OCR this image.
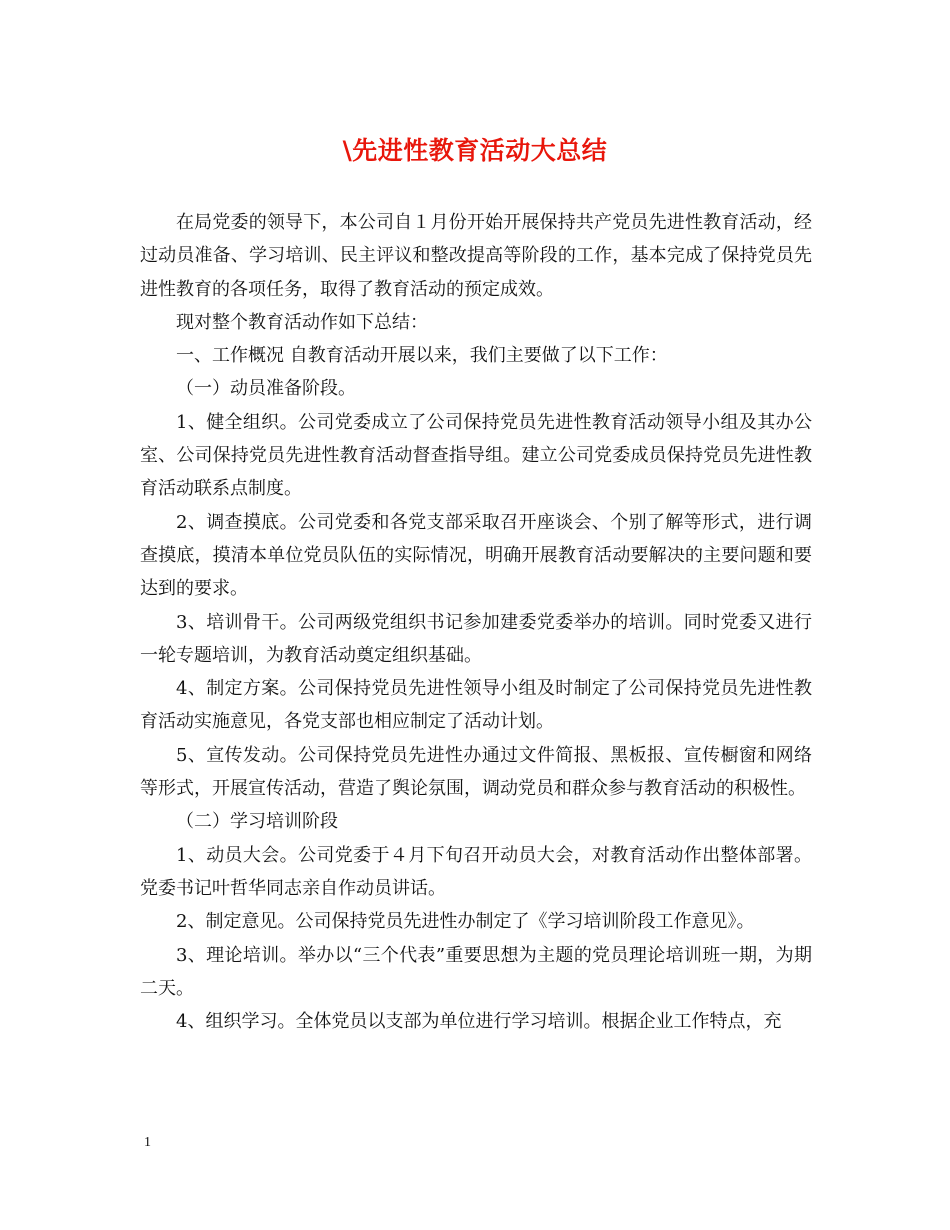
\先进性教育活动大总结

在局党委的领导下，本公司自１月份开始开展保持共产党员先进性教育活动，经过动员准备、学习培训、民主评议和整改提高等阶段的工作，基本完成了保持党员先进性教育的各项任务，取得了教育活动的预定成效。

现对整个教育活动作如下总结：

一、工作概况 自教育活动开展以来，我们主要做了以下工作：

（一）动员准备阶段。

1、健全组织。公司党委成立了公司保持党员先进性教育活动领导小组及其办公室、公司保持党员先进性教育活动督查指导组。建立公司党委成员保持党员先进性教育活动联系点制度。

2、调查摸底。公司党委和各党支部采取召开座谈会、个别了解等形式，进行调查摸底，摸清本单位党员队伍的实际情况，明确开展教育活动要解决的主要问题和要达到的要求。

3、培训骨干。公司两级党组织书记参加建委党委举办的培训。同时党委又进行一轮专题培训，为教育活动奠定组织基础。

4、制定方案。公司保持党员先进性领导小组及时制定了公司保持党员先进性教育活动实施意见，各党支部也相应制定了活动计划。

5、宣传发动。公司保持党员先进性办通过文件简报、黑板报、宣传橱窗和网络等形式，开展宣传活动，营造了舆论氛围，调动党员和群众参与教育活动的积极性。

（二）学习培训阶段

1、动员大会。公司党委于４月下旬召开动员大会，对教育活动作出整体部署。党委书记叶哲华同志亲自作动员讲话。

2、制定意见。公司保持党员先进性办制定了《学习培训阶段工作意见》。

3、理论培训。举办以“三个代表”重要思想为主题的党员理论培训班一期，为期二天。

4、组织学习。全体党员以支部为单位进行学习培训。根据企业工作特点，充

1
